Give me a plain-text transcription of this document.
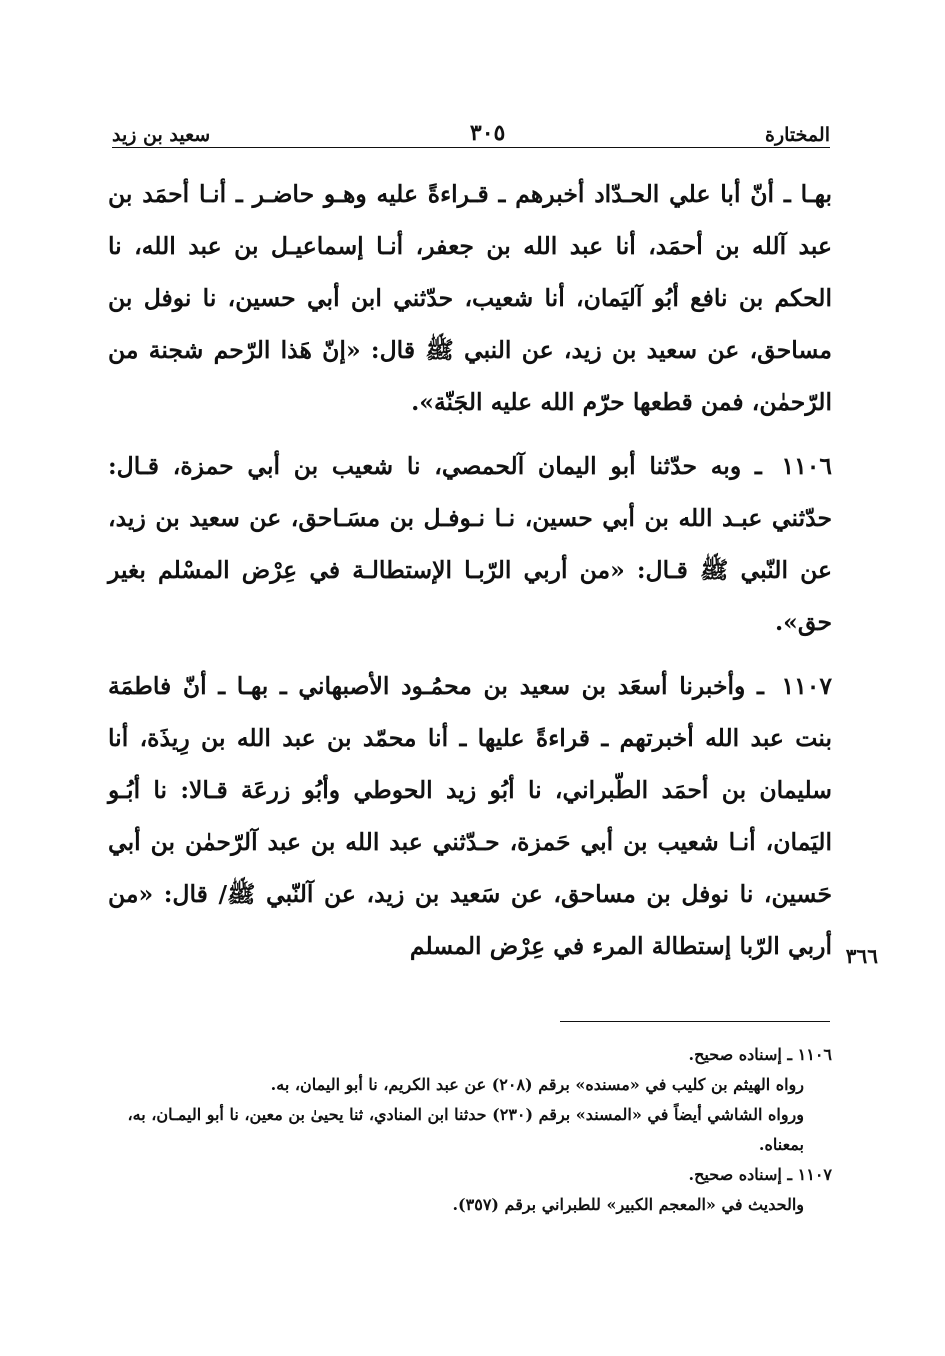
المختارة
٣٠٥
سعيد بن زيد

بهـا ـ أنّ أبا علي الحـدّاد أخبرهم ـ قـراءةً عليه وهـو حاضـر ـ أنـا أحمَد بن عبد آلله بن أحمَد، أنا عبد الله بن جعفر، أنـا إسماعيـل بن عبد الله، نا الحكم بن نافع أبُو آليَمان، أنا شعيب، حدّثني ابن أبي حسين، نا نوفل بن مساحق، عن سعيد بن زيد، عن النبي ﷺ قال: «إنّ هَذا الرّحم شجنة من الرّحمٰن، فمن قطعها حرّم الله عليه الجَنّة».

١١٠٦ ـ وبه حدّثنا أبو اليمان آلحمصي، نا شعيب بن أبي حمزة، قـال: حدّثني عبـد الله بن أبي حسين، نـا نـوفـل بن مسَـاحق، عن سعيد بن زيد، عن النّبي ﷺ قـال: «من أربي الرّبـا الإستطالـة في عِرْض المسْلم بغير حق».

١١٠٧ ـ وأخبرنا أسعَد بن سعيد بن محمُـود الأصبهاني ـ بهـا ـ أنّ فاطمَة بنت عبد الله أخبرتهم ـ قراءةً عليها ـ أنا محمّد بن عبد الله بن رِيذَة، أنا سليمان بن أحمَد الطّبراني، نا أبُو زيد الحوطي وأبُو زرعَة قـالا: نا أبُـو اليَمان، أنـا شعيب بن أبي حَمزة، حـدّثني عبد الله بن عبد آلرّحمٰن بن أبي حَسين، نا نوفل بن مساحق، عن سَعيد بن زيد، عن آلنّبي ﷺ/ قال: «من أربي الرّبا إستطالة المرء في عِرْض المسلم ٣٦٦

١١٠٦ ـ إسناده صحيح.

رواه الهيثم بن كليب في «مسنده» برقم (٢٠٨) عن عبد الكريم، نا أبو اليمان، به.

ورواه الشاشي أيضاً في «المسند» برقم (٢٣٠) حدثنا ابن المنادي، ثنا يحيىٰ بن معين، نا أبو اليمـان، به، بمعناه.

١١٠٧ ـ إسناده صحيح.

والحديث في «المعجم الكبير» للطبراني برقم (٣٥٧).
